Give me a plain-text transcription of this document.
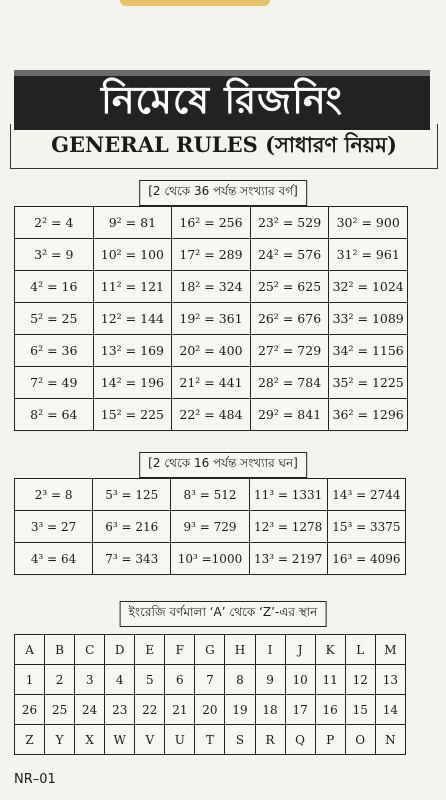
নিমেষে রিজনিং
GENERAL RULES (সাধারণ নিয়ম)
[2 থেকে 36 পর্যন্ত সংখ্যার বর্গ]
2² = 4	9² = 81	16² = 256	23² = 529	30² = 900
3² = 9	10² = 100	17² = 289	24² = 576	31² = 961
4² = 16	11² = 121	18² = 324	25² = 625	32² = 1024
5² = 25	12² = 144	19² = 361	26² = 676	33² = 1089
6² = 36	13² = 169	20² = 400	27² = 729	34² = 1156
7² = 49	14² = 196	21² = 441	28² = 784	35² = 1225
8² = 64	15² = 225	22² = 484	29² = 841	36² = 1296
[2 থেকে 16 পর্যন্ত সংখ্যার ঘন]
2³ = 8	5³ = 125	8³ = 512	11³ = 1331	14³ = 2744
3³ = 27	6³ = 216	9³ = 729	12³ = 1278	15³ = 3375
4³ = 64	7³ = 343	10³ =1000	13³ = 2197	16³ = 4096
ইংরেজি বর্ণমালা ‘A’ থেকে ‘Z’-এর স্থান
A	B	C	D	E	F	G	H	I	J	K	L	M
1	2	3	4	5	6	7	8	9	10	11	12	13
26	25	24	23	22	21	20	19	18	17	16	15	14
Z	Y	X	W	V	U	T	S	R	Q	P	O	N
NR–01
